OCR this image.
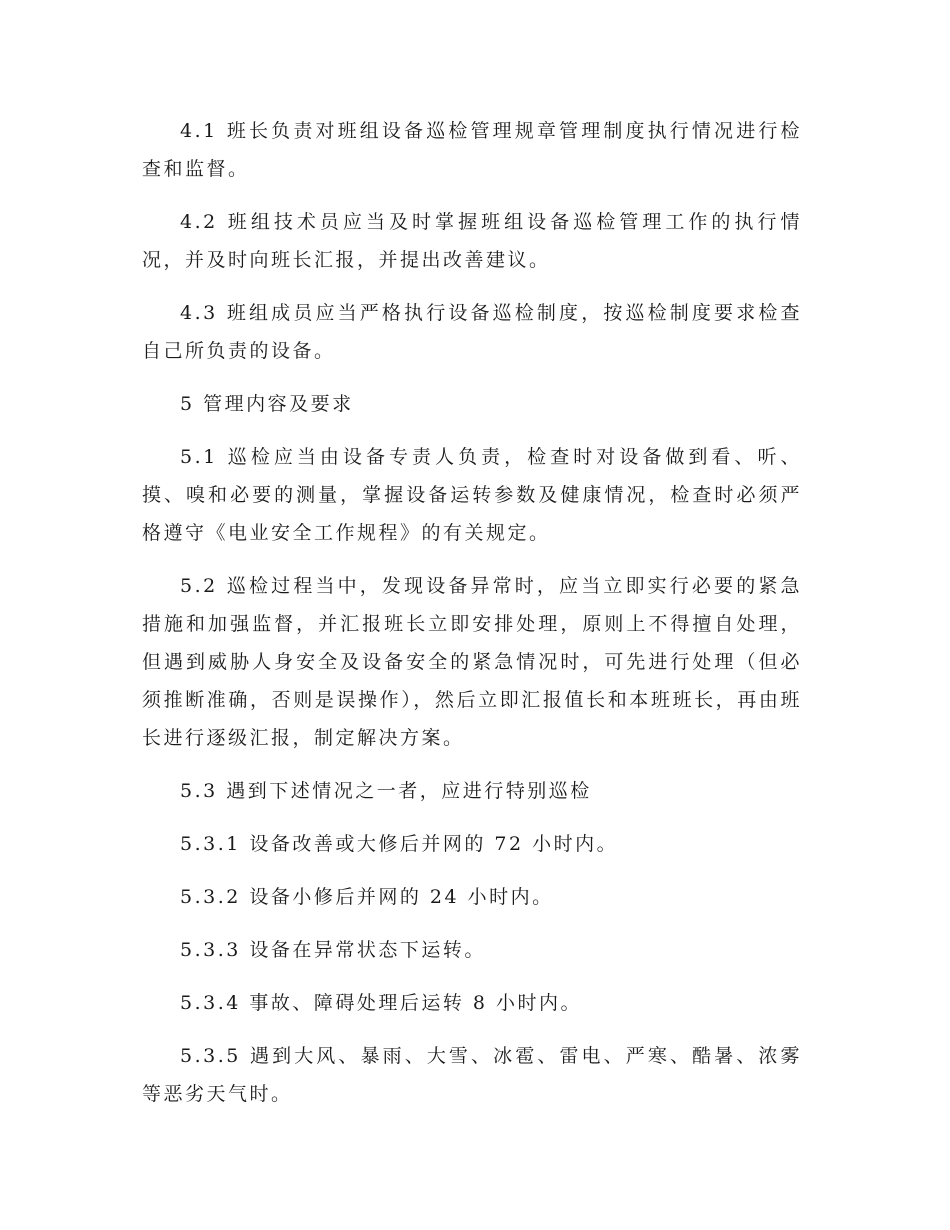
4.1 班长负责对班组设备巡检管理规章管理制度执行情况进行检查和监督。

4.2 班组技术员应当及时掌握班组设备巡检管理工作的执行情况，并及时向班长汇报，并提出改善建议。

4.3 班组成员应当严格执行设备巡检制度，按巡检制度要求检查自己所负责的设备。

5 管理内容及要求

5.1 巡检应当由设备专责人负责，检查时对设备做到看、听、摸、嗅和必要的测量，掌握设备运转参数及健康情况，检查时必须严格遵守《电业安全工作规程》的有关规定。

5.2 巡检过程当中，发现设备异常时，应当立即实行必要的紧急措施和加强监督，并汇报班长立即安排处理，原则上不得擅自处理，但遇到威胁人身安全及设备安全的紧急情况时，可先进行处理（但必须推断准确，否则是误操作），然后立即汇报值长和本班班长，再由班长进行逐级汇报，制定解决方案。

5.3 遇到下述情况之一者，应进行特别巡检

5.3.1 设备改善或大修后并网的 72 小时内。

5.3.2 设备小修后并网的 24 小时内。

5.3.3 设备在异常状态下运转。

5.3.4 事故、障碍处理后运转 8 小时内。

5.3.5 遇到大风、暴雨、大雪、冰雹、雷电、严寒、酷暑、浓雾等恶劣天气时。
